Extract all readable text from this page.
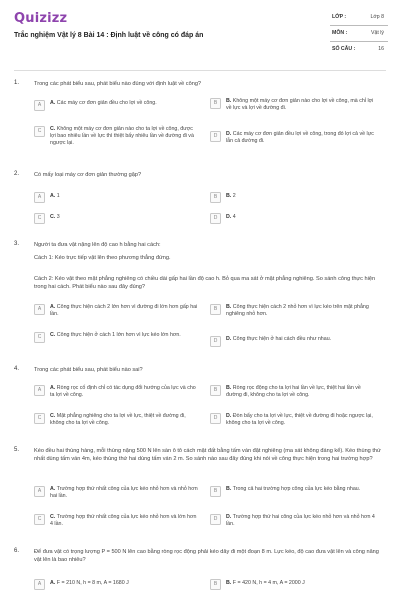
Quizizz
Trắc nghiệm Vật lý 8 Bài 14 : Định luật về công có đáp án
LỚP :	Lớp 8
MÔN :	Vật lý
SỐ CÂU :	16
1.	Trong các phát biểu sau, phát biểu nào đúng với định luật về công?
A	A. Các máy cơ đơn giản đều cho lợi về công.	B	B. Không một máy cơ đơn giản nào cho lợi về công, mà chỉ lợi về lực và lợi về đường đi.
C	C. Không một máy cơ đơn giản nào cho ta lợi về công, được lợi bao nhiêu lần về lực thì thiệt bấy nhiêu lần về đường đi và ngược lại.
D	D. Các máy cơ đơn giản đều lợi về công, trong đó lợi cả về lực lẫn cả đường đi.
2.	Có mấy loại máy cơ đơn giản thường gặp?
A	A. 1	B	B. 2
C	C. 3	D	D. 4
3.	Người ta đưa vật nặng lên độ cao h bằng hai cách:
Cách 1: Kéo trực tiếp vật lên theo phương thẳng đứng.
Cách 2: Kéo vật theo mặt phẳng nghiêng có chiều dài gấp hai lần độ cao h. Bỏ qua ma sát ở mặt phẳng nghiêng. So sánh công thực hiện trong hai cách. Phát biểu nào sau đây đúng?
A	A. Công thực hiện cách 2 lớn hơn vì đường đi lớn hơn gấp hai lần.
B	B. Công thực hiện cách 2 nhỏ hơn vì lực kéo trên mặt phẳng nghiêng nhỏ hơn.
C	C. Công thực hiện ở cách 1 lớn hơn vì lực kéo lớn hơn.
D	D. Công thực hiện ở hai cách đều như nhau.
4.	Trong các phát biểu sau, phát biểu nào sai?
A	A. Ròng rọc cố định chỉ có tác dụng đổi hướng của lực và cho ta lợi về công.
B	B. Ròng rọc động cho ta lợi hai lần về lực, thiệt hai lần về đường đi, không cho ta lợi về công.
C	C. Mặt phẳng nghiêng cho ta lợi về lực, thiệt về đường đi, không cho ta lợi về công.
D	D. Đòn bẩy cho ta lợi về lực, thiệt về đường đi hoặc ngược lại, không cho ta lợi về công.
5.	Kéo đều hai thùng hàng, mỗi thùng nặng 500 N lên sàn ô tô cách mặt đất bằng tấm ván đặt nghiêng (ma sát không đáng kể). Kéo thùng thứ nhất dùng tấm ván 4m, kéo thùng thứ hai dùng tấm ván 2 m. So sánh nào sau đây đúng khi nói về công thực hiện trong hai trường hợp?
A	A. Trường hợp thứ nhất công của lực kéo nhỏ hơn và nhỏ hơn hai lần.
B	B. Trong cả hai trường hợp công của lực kéo bằng nhau.
C	C. Trường hợp thứ nhất công của lực kéo nhỏ hơn và lớn hơn 4 lần.
D	D. Trường hợp thứ hai công của lực kéo nhỏ hơn và nhỏ hơn 4 lần.
6.	Để đưa vật có trọng lượng P = 500 N lên cao bằng ròng rọc động phải kéo dây đi một đoạn 8 m. Lực kéo, độ cao đưa vật lên và công nâng vật lên là bao nhiêu?
A	A. F = 210 N, h = 8 m, A = 1680 J	B	B. F = 420 N, h = 4 m, A = 2000 J
